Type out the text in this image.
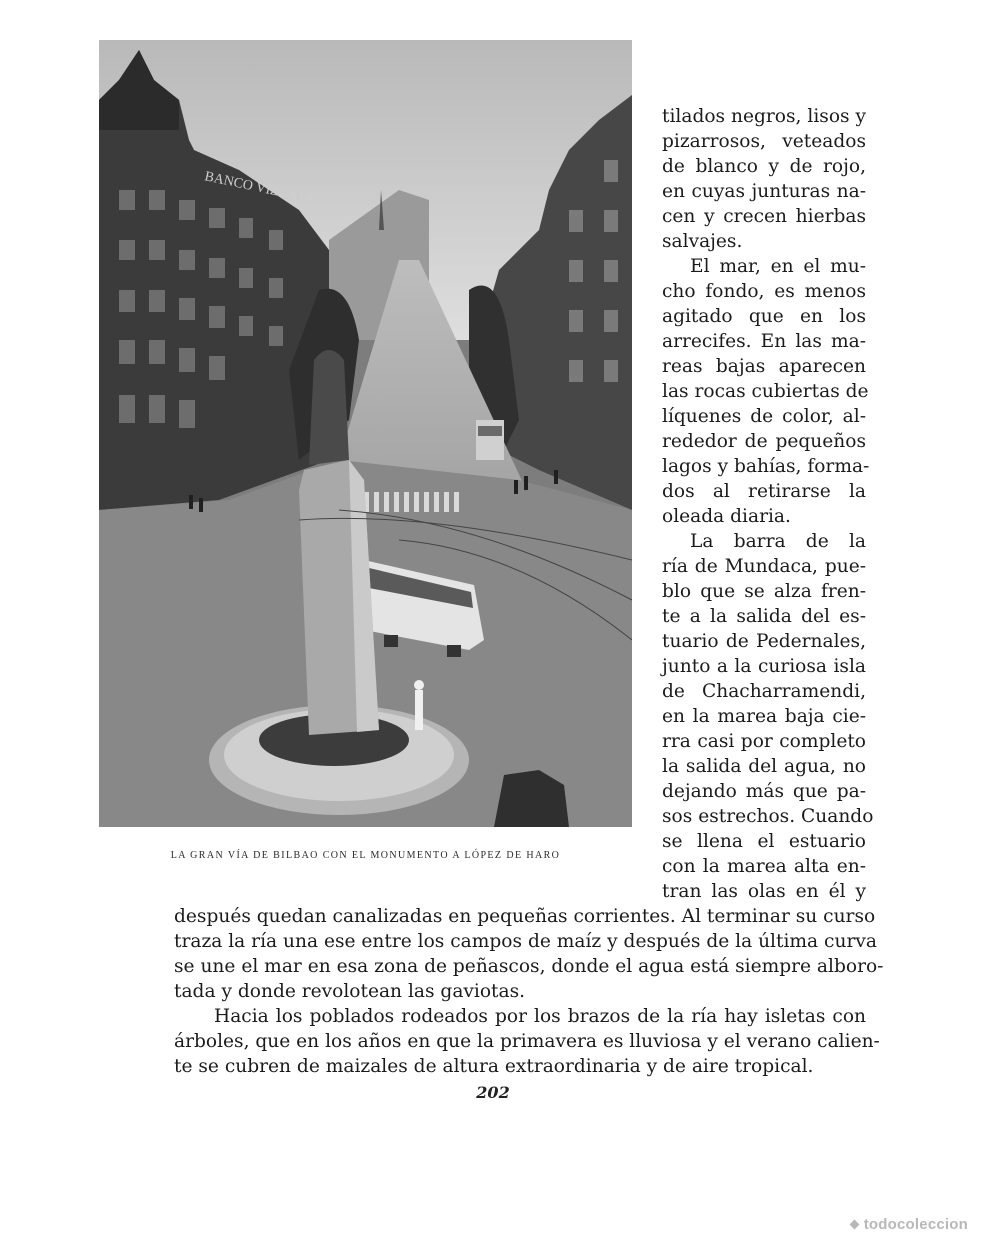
BANCO VIZCAYA
LA GRAN VÍA DE BILBAO CON EL MONUMENTO A LÓPEZ DE HARO
tilados negros, lisos y
pizarrosos, veteados
de blanco y de rojo,
en cuyas junturas na-
cen y crecen hierbas
salvajes.
El mar, en el mu-
cho fondo, es menos
agitado que en los
arrecifes. En las ma-
reas bajas aparecen
las rocas cubiertas de
líquenes de color, al-
rededor de pequeños
lagos y bahías, forma-
dos al retirarse la
oleada diaria.
La barra de la
ría de Mundaca, pue-
blo que se alza fren-
te a la salida del es-
tuario de Pedernales,
junto a la curiosa isla
de Chacharramendi,
en la marea baja cie-
rra casi por completo
la salida del agua, no
dejando más que pa-
sos estrechos. Cuando
se llena el estuario
con la marea alta en-
tran las olas en él y
después quedan canalizadas en pequeñas corrientes. Al terminar su curso
traza la ría una ese entre los campos de maíz y después de la última curva
se une el mar en esa zona de peñascos, donde el agua está siempre alboro-
tada y donde revolotean las gaviotas.
Hacia los poblados rodeados por los brazos de la ría hay isletas con
árboles, que en los años en que la primavera es lluviosa y el verano calien-
te se cubren de maizales de altura extraordinaria y de aire tropical.
202
todocoleccion
